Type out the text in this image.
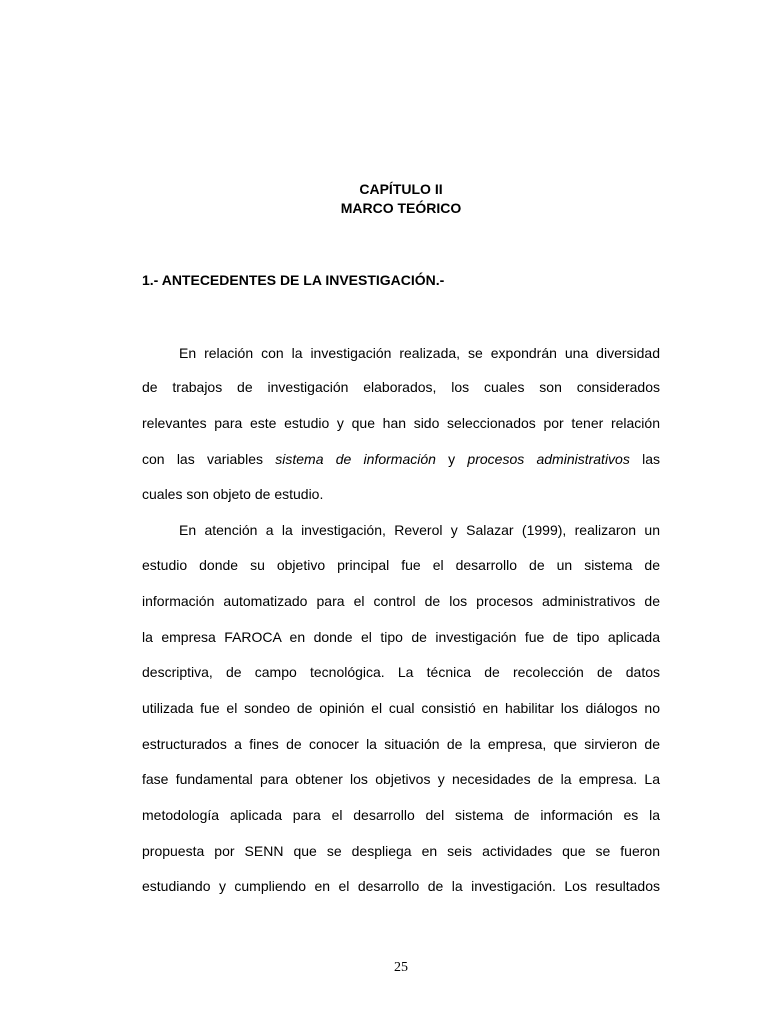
CAPÍTULO II
MARCO TEÓRICO
1.- ANTECEDENTES DE LA INVESTIGACIÓN.-
En relación con la investigación realizada, se expondrán una diversidad
de trabajos de investigación elaborados, los cuales son considerados
relevantes para este estudio y que han sido seleccionados por tener relación
con las variables sistema de información y procesos administrativos las
cuales son objeto de estudio.
En atención a la investigación, Reverol y Salazar (1999), realizaron un
estudio donde su objetivo principal fue el desarrollo de un sistema de
información automatizado para el control de los procesos administrativos de
la empresa FAROCA en donde el tipo de investigación fue de tipo aplicada
descriptiva, de campo tecnológica. La técnica de recolección de datos
utilizada fue el sondeo de opinión el cual consistió en habilitar los diálogos no
estructurados a fines de conocer la situación de la empresa, que sirvieron de
fase fundamental para obtener los objetivos y necesidades de la empresa. La
metodología aplicada para el desarrollo del sistema de información es la
propuesta por SENN que se despliega en seis actividades que se fueron
estudiando y cumpliendo en el desarrollo de la investigación. Los resultados
25
